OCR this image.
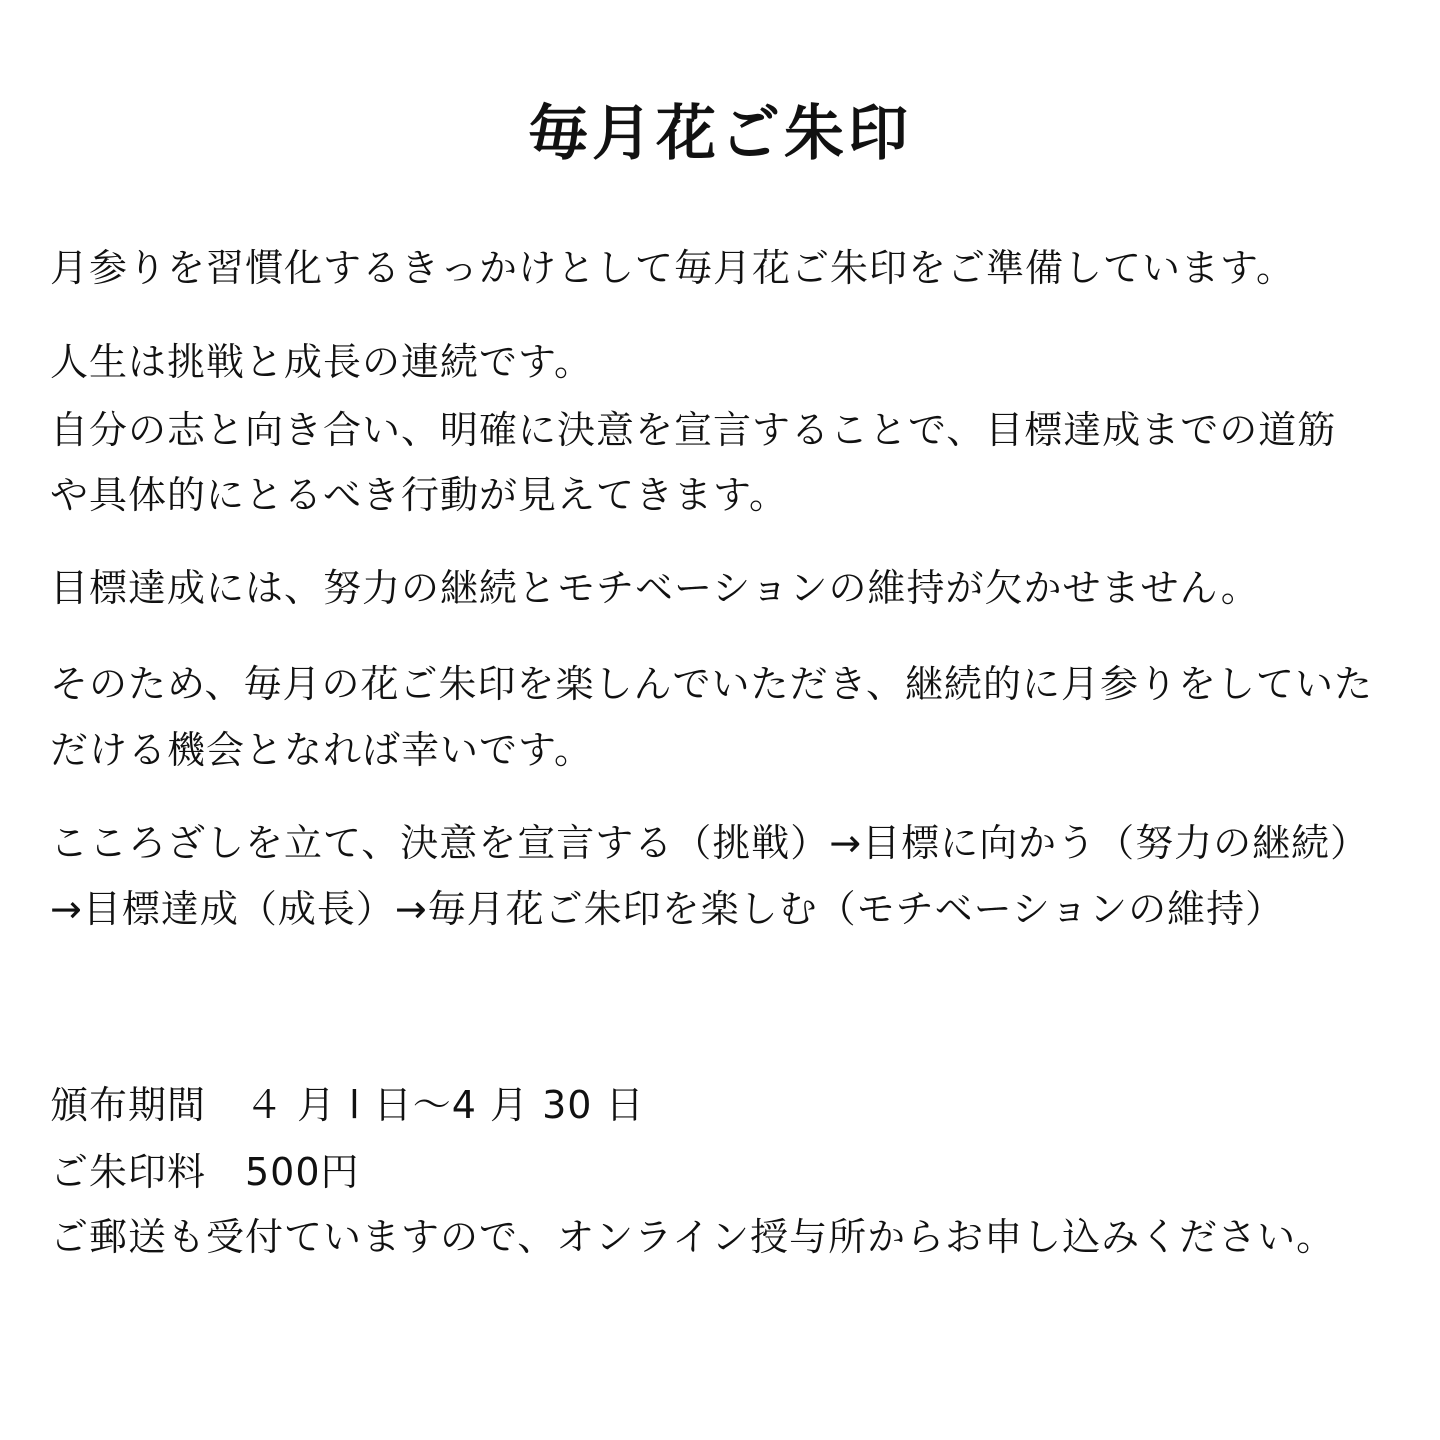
毎月花ご朱印

月参りを習慣化するきっかけとして毎月花ご朱印をご準備しています。

人生は挑戦と成長の連続です。

自分の志と向き合い、明確に決意を宣言することで、目標達成までの道筋

や具体的にとるべき行動が見えてきます。

目標達成には、努力の継続とモチベーションの維持が欠かせません。

そのため、毎月の花ご朱印を楽しんでいただき、継続的に月参りをしていた

だける機会となれば幸いです。

こころざしを立て、決意を宣言する（挑戦）→目標に向かう（努力の継続）

→目標達成（成長）→毎月花ご朱印を楽しむ（モチベーションの維持）

頒布期間　４ 月 l 日〜4 月 30 日

ご朱印料　500円

ご郵送も受付ていますので、オンライン授与所からお申し込みください。
